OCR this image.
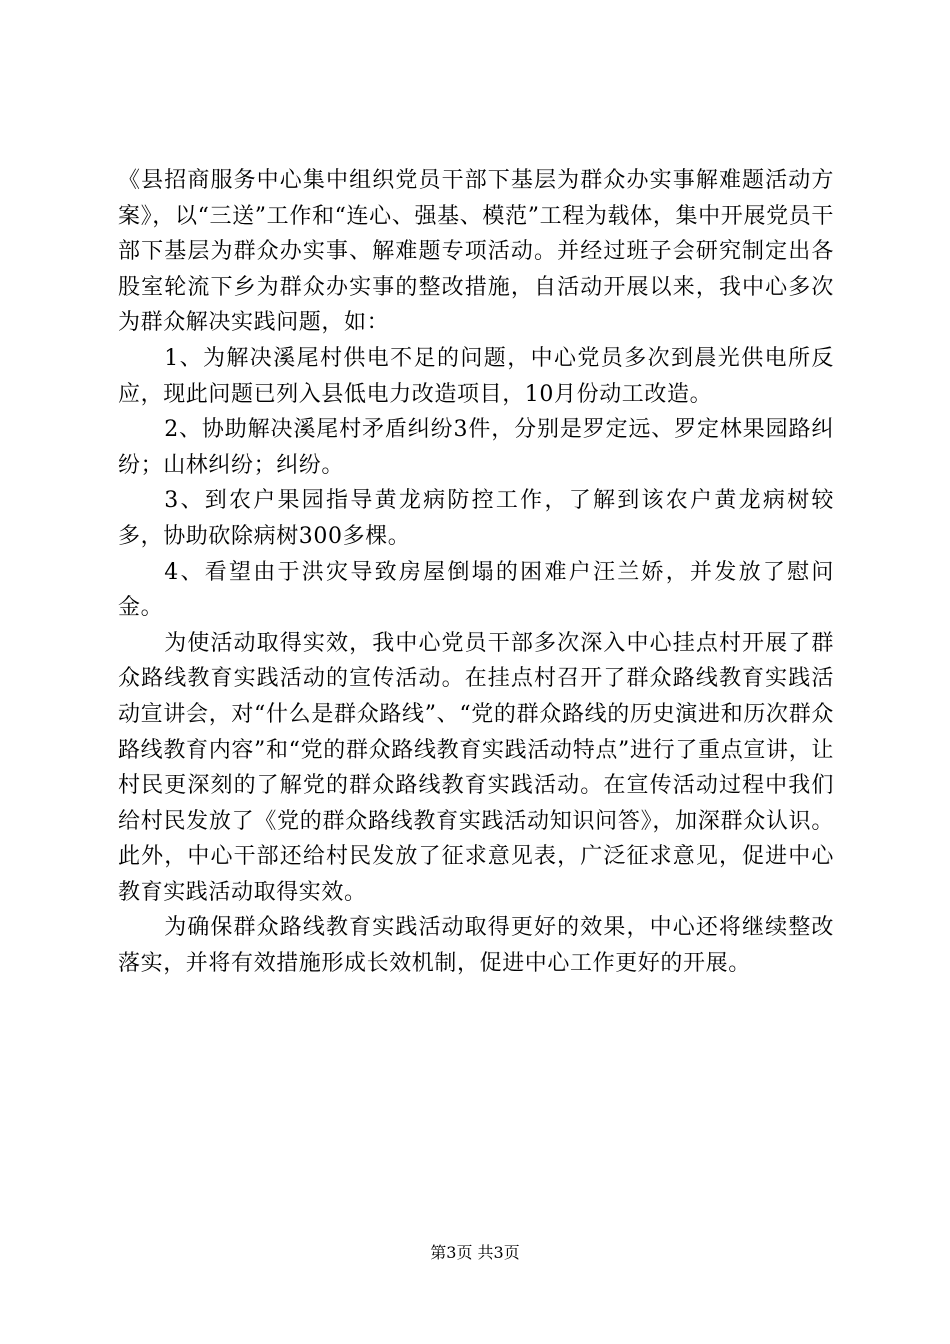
《县招商服务中心集中组织党员干部下基层为群众办实事解难题活动方案》，以“三送”工作和“连心、强基、模范”工程为载体，集中开展党员干部下基层为群众办实事、解难题专项活动。并经过班子会研究制定出各股室轮流下乡为群众办实事的整改措施，自活动开展以来，我中心多次为群众解决实践问题，如：

1、为解决溪尾村供电不足的问题，中心党员多次到晨光供电所反应，现此问题已列入县低电力改造项目，10月份动工改造。

2、协助解决溪尾村矛盾纠纷3件，分别是罗定远、罗定林果园路纠纷；山林纠纷；纠纷。

3、到农户果园指导黄龙病防控工作，了解到该农户黄龙病树较多，协助砍除病树300多棵。

4、看望由于洪灾导致房屋倒塌的困难户汪兰娇，并发放了慰问金。

为使活动取得实效，我中心党员干部多次深入中心挂点村开展了群众路线教育实践活动的宣传活动。在挂点村召开了群众路线教育实践活动宣讲会，对“什么是群众路线”、“党的群众路线的历史演进和历次群众路线教育内容”和“党的群众路线教育实践活动特点”进行了重点宣讲，让村民更深刻的了解党的群众路线教育实践活动。在宣传活动过程中我们给村民发放了《党的群众路线教育实践活动知识问答》，加深群众认识。此外，中心干部还给村民发放了征求意见表，广泛征求意见，促进中心教育实践活动取得实效。

为确保群众路线教育实践活动取得更好的效果，中心还将继续整改落实，并将有效措施形成长效机制，促进中心工作更好的开展。

第3页 共3页
